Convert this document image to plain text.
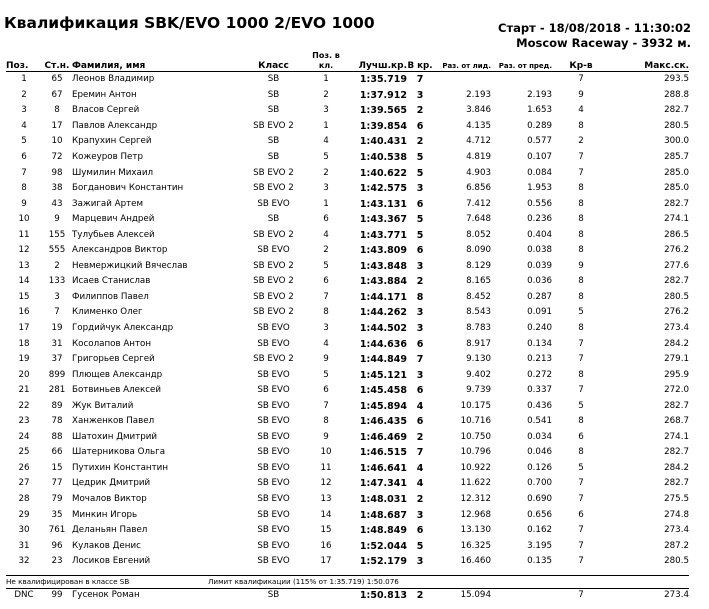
Квалификация SBK/EVO 1000 2/EVO 1000	Старт - 18/08/2018 - 11:30:02
Moscow Raceway - 3932 м.
Поз.	Ст.н.	Фамилия, имя	Класс	Поз. в кл.	Лучш.кр.	В кр.	Раз. от лид.	Раз. от пред.	Кр-в	Макс.ск.
1	65	Леонов Владимир	SB	1	1:35.719	7			7	293.5
2	67	Еремин Антон	SB	2	1:37.912	3	2.193	2.193	9	288.8
3	8	Власов Сергей	SB	3	1:39.565	2	3.846	1.653	4	282.7
4	17	Павлов Александр	SB EVO 2	1	1:39.854	6	4.135	0.289	8	280.5
5	10	Крапухин Сергей	SB	4	1:40.431	2	4.712	0.577	2	300.0
6	72	Кожеуров Петр	SB	5	1:40.538	5	4.819	0.107	7	285.7
7	98	Шумилин Михаил	SB EVO 2	2	1:40.622	5	4.903	0.084	7	285.0
8	38	Богданович Константин	SB EVO 2	3	1:42.575	3	6.856	1.953	8	285.0
9	43	Зажигай Артем	SB EVO	1	1:43.131	6	7.412	0.556	8	282.7
10	9	Марцевич Андрей	SB	6	1:43.367	5	7.648	0.236	8	274.1
11	155	Тулубьев Алексей	SB EVO 2	4	1:43.771	5	8.052	0.404	8	286.5
12	555	Александров Виктор	SB EVO	2	1:43.809	6	8.090	0.038	8	276.2
13	2	Невмержицкий Вячеслав	SB EVO 2	5	1:43.848	3	8.129	0.039	9	277.6
14	133	Исаев Станислав	SB EVO 2	6	1:43.884	2	8.165	0.036	8	282.7
15	3	Филиппов Павел	SB EVO 2	7	1:44.171	8	8.452	0.287	8	280.5
16	7	Клименко Олег	SB EVO 2	8	1:44.262	3	8.543	0.091	5	276.2
17	19	Гордийчук Александр	SB EVO	3	1:44.502	3	8.783	0.240	8	273.4
18	31	Косолапов Антон	SB EVO	4	1:44.636	6	8.917	0.134	7	284.2
19	37	Григорьев Сергей	SB EVO 2	9	1:44.849	7	9.130	0.213	7	279.1
20	899	Плющев Александр	SB EVO	5	1:45.121	3	9.402	0.272	8	295.9
21	281	Ботвиньев Алексей	SB EVO	6	1:45.458	6	9.739	0.337	7	272.0
22	89	Жук Виталий	SB EVO	7	1:45.894	4	10.175	0.436	5	282.7
23	78	Ханженков Павел	SB EVO	8	1:46.435	6	10.716	0.541	8	268.7
24	88	Шатохин Дмитрий	SB EVO	9	1:46.469	2	10.750	0.034	6	274.1
25	66	Шатерникова Ольга	SB EVO	10	1:46.515	7	10.796	0.046	8	282.7
26	15	Путихин Константин	SB EVO	11	1:46.641	4	10.922	0.126	5	284.2
27	77	Цедрик Дмитрий	SB EVO	12	1:47.341	4	11.622	0.700	7	282.7
28	79	Мочалов Виктор	SB EVO	13	1:48.031	2	12.312	0.690	7	275.5
29	35	Минкин Игорь	SB EVO	14	1:48.687	3	12.968	0.656	6	274.8
30	761	Деланьян Павел	SB EVO	15	1:48.849	6	13.130	0.162	7	273.4
31	96	Кулаков Денис	SB EVO	16	1:52.044	5	16.325	3.195	7	287.2
32	23	Лосиков Евгений	SB EVO	17	1:52.179	3	16.460	0.135	7	280.5
Не квалифицирован в классе SB	Лимит квалификации (115% от 1:35.719) 1:50.076
DNC	99	Гусенок Роман	SB		1:50.813	2	15.094		7	273.4
